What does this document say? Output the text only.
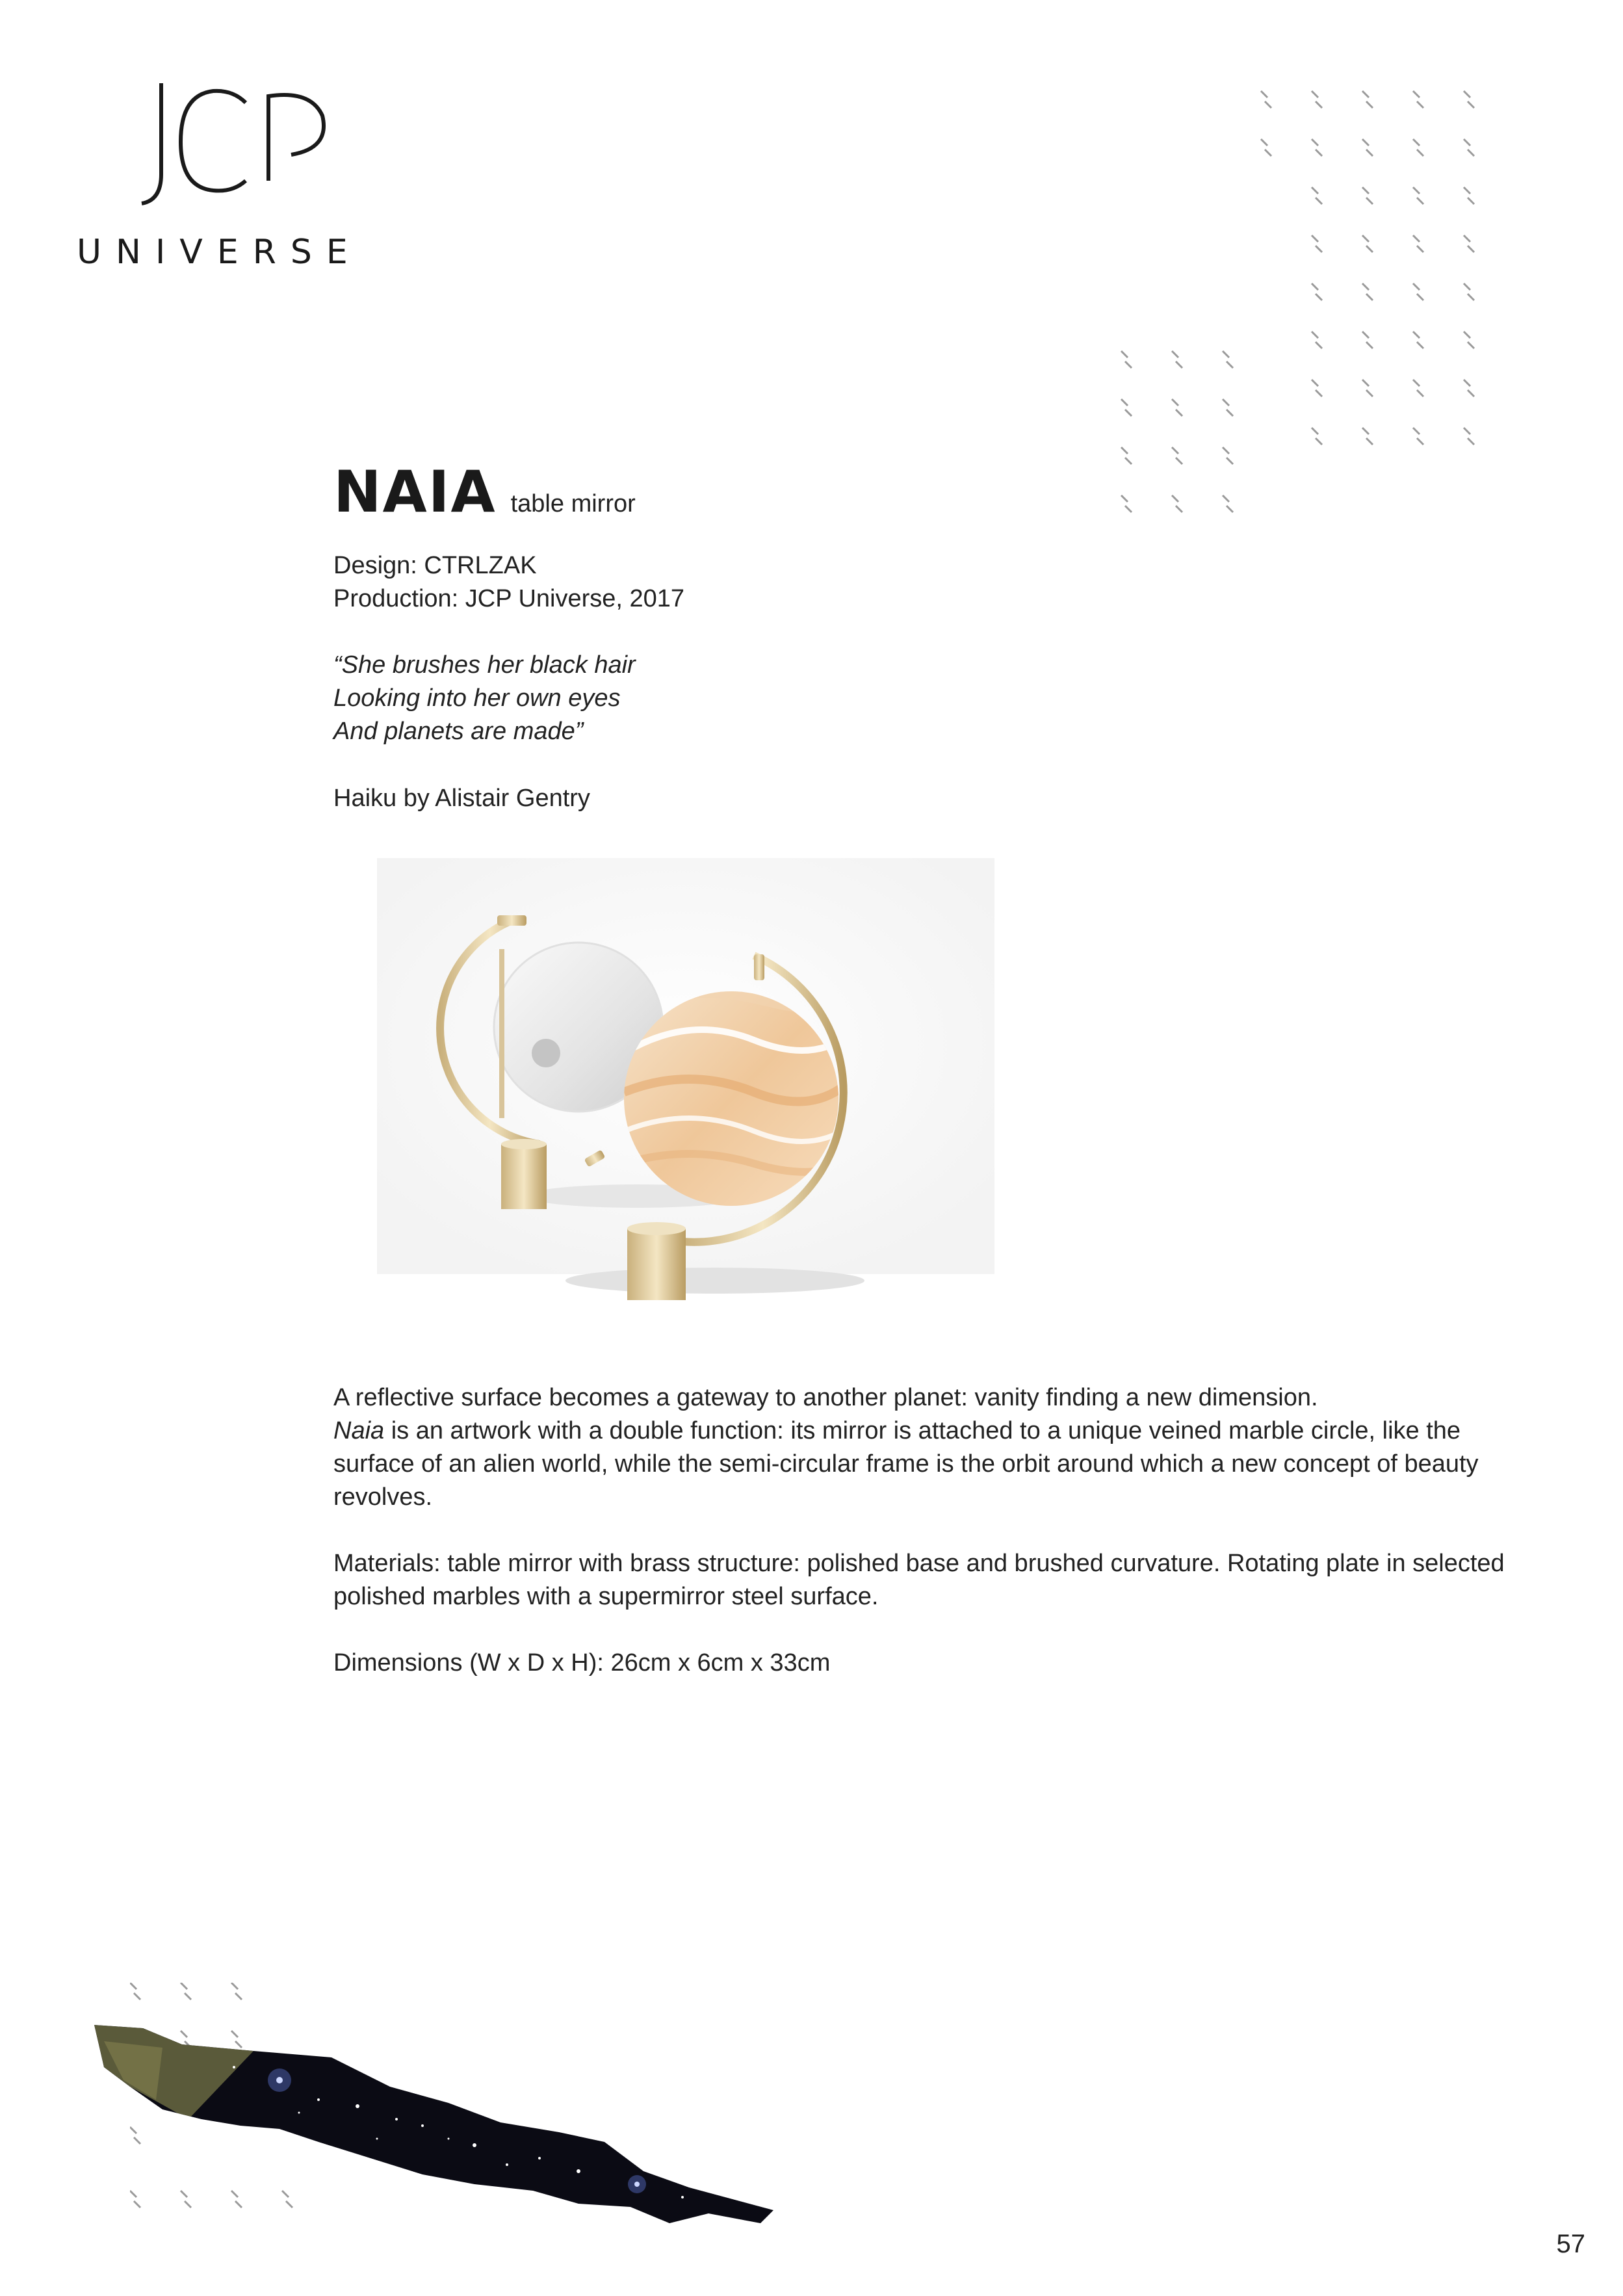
UNIVERSE
NAIA table mirror
Design: CTRLZAK
Production: JCP Universe, 2017
“She brushes her black hair
Looking into her own eyes
And planets are made”
Haiku by Alistair Gentry

A reflective surface becomes a gateway to another planet: vanity finding a new dimension.
Naia is an artwork with a double function: its mirror is attached to a unique veined marble circle, like the surface of an alien world, while the semi-circular frame is the orbit around which a new concept of beauty revolves.

Materials: table mirror with brass structure: polished base and brushed curvature. Rotating plate in selected polished marbles with a supermirror steel surface.

Dimensions (W x D x H): 26cm x 6cm x 33cm

57
